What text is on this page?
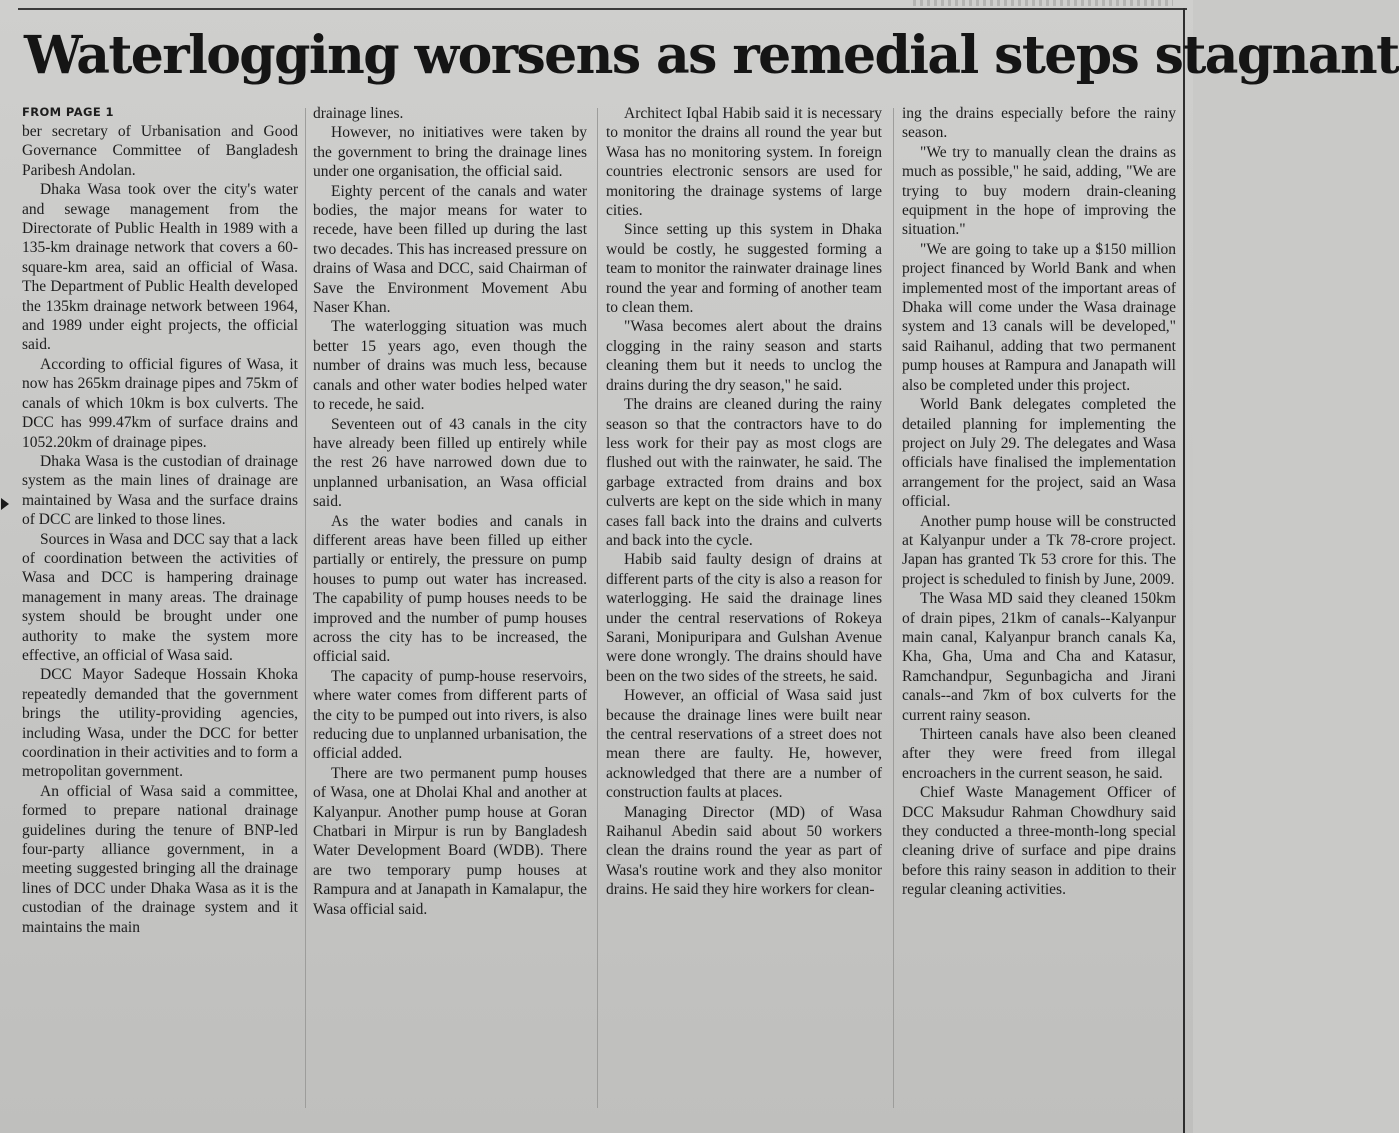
Waterlogging worsens as remedial steps stagnant
FROM PAGE 1

ber secretary of Urbanisation and Good Governance Committee of Bangladesh Paribesh Andolan.

Dhaka Wasa took over the city's water and sewage management from the Directorate of Public Health in 1989 with a 135-km drainage network that covers a 60-square-km area, said an official of Wasa. The Department of Public Health developed the 135km drainage network between 1964, and 1989 under eight projects, the official said.

According to official figures of Wasa, it now has 265km drainage pipes and 75km of canals of which 10km is box culverts. The DCC has 999.47km of surface drains and 1052.20km of drainage pipes.

Dhaka Wasa is the custodian of drainage system as the main lines of drainage are maintained by Wasa and the surface drains of DCC are linked to those lines.

Sources in Wasa and DCC say that a lack of coordination between the activities of Wasa and DCC is hampering drainage management in many areas. The drainage system should be brought under one authority to make the system more effective, an official of Wasa said.

DCC Mayor Sadeque Hossain Khoka repeatedly demanded that the government brings the utility-providing agencies, including Wasa, under the DCC for better coordination in their activities and to form a metropolitan government.

An official of Wasa said a committee, formed to prepare national drainage guidelines during the tenure of BNP-led four-party alliance government, in a meeting suggested bringing all the drainage lines of DCC under Dhaka Wasa as it is the custodian of the drainage system and it maintains the main

drainage lines.

However, no initiatives were taken by the government to bring the drainage lines under one organisation, the official said.

Eighty percent of the canals and water bodies, the major means for water to recede, have been filled up during the last two decades. This has increased pressure on drains of Wasa and DCC, said Chairman of Save the Environment Movement Abu Naser Khan.

The waterlogging situation was much better 15 years ago, even though the number of drains was much less, because canals and other water bodies helped water to recede, he said.

Seventeen out of 43 canals in the city have already been filled up entirely while the rest 26 have narrowed down due to unplanned urbanisation, an Wasa official said.

As the water bodies and canals in different areas have been filled up either partially or entirely, the pressure on pump houses to pump out water has increased. The capability of pump houses needs to be improved and the number of pump houses across the city has to be increased, the official said.

The capacity of pump-house reservoirs, where water comes from different parts of the city to be pumped out into rivers, is also reducing due to unplanned urbanisation, the official added.

There are two permanent pump houses of Wasa, one at Dholai Khal and another at Kalyanpur. Another pump house at Goran Chatbari in Mirpur is run by Bangladesh Water Development Board (WDB). There are two temporary pump houses at Rampura and at Janapath in Kamalapur, the Wasa official said.

Architect Iqbal Habib said it is necessary to monitor the drains all round the year but Wasa has no monitoring system. In foreign countries electronic sensors are used for monitoring the drainage systems of large cities.

Since setting up this system in Dhaka would be costly, he suggested forming a team to monitor the rainwater drainage lines round the year and forming of another team to clean them.

"Wasa becomes alert about the drains clogging in the rainy season and starts cleaning them but it needs to unclog the drains during the dry season," he said.

The drains are cleaned during the rainy season so that the contractors have to do less work for their pay as most clogs are flushed out with the rainwater, he said. The garbage extracted from drains and box culverts are kept on the side which in many cases fall back into the drains and culverts and back into the cycle.

Habib said faulty design of drains at different parts of the city is also a reason for waterlogging. He said the drainage lines under the central reservations of Rokeya Sarani, Monipuripara and Gulshan Avenue were done wrongly. The drains should have been on the two sides of the streets, he said.

However, an official of Wasa said just because the drainage lines were built near the central reservations of a street does not mean there are faulty. He, however, acknowledged that there are a number of construction faults at places.

Managing Director (MD) of Wasa Raihanul Abedin said about 50 workers clean the drains round the year as part of Wasa's routine work and they also monitor drains. He said they hire workers for clean-

ing the drains especially before the rainy season.

"We try to manually clean the drains as much as possible," he said, adding, "We are trying to buy modern drain-cleaning equipment in the hope of improving the situation."

"We are going to take up a $150 million project financed by World Bank and when implemented most of the important areas of Dhaka will come under the Wasa drainage system and 13 canals will be developed," said Raihanul, adding that two permanent pump houses at Rampura and Janapath will also be completed under this project.

World Bank delegates completed the detailed planning for implementing the project on July 29. The delegates and Wasa officials have finalised the implementation arrangement for the project, said an Wasa official.

Another pump house will be constructed at Kalyanpur under a Tk 78-crore project. Japan has granted Tk 53 crore for this. The project is scheduled to finish by June, 2009.

The Wasa MD said they cleaned 150km of drain pipes, 21km of canals--Kalyanpur main canal, Kalyanpur branch canals Ka, Kha, Gha, Uma and Cha and Katasur, Ramchandpur, Segunbagicha and Jirani canals--and 7km of box culverts for the current rainy season.

Thirteen canals have also been cleaned after they were freed from illegal encroachers in the current season, he said.

Chief Waste Management Officer of DCC Maksudur Rahman Chowdhury said they conducted a three-month-long special cleaning drive of surface and pipe drains before this rainy season in addition to their regular cleaning activities.
